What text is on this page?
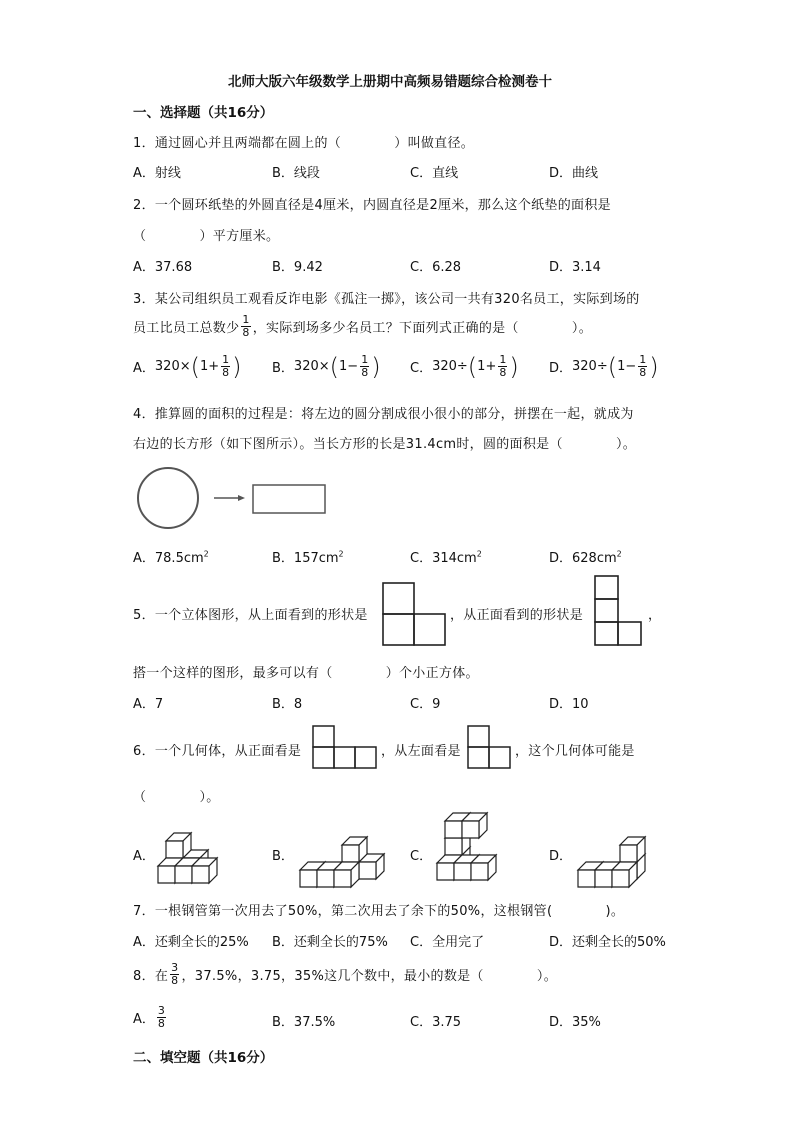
北师大版六年级数学上册期中高频易错题综合检测卷十
一、选择题（共16分）
1．通过圆心并且两端都在圆上的（　　　　）叫做直径。
A．射线	B．线段	C．直线	D．曲线
2．一个圆环纸垫的外圆直径是4厘米，内圆直径是2厘米，那么这个纸垫的面积是
（　　　　）平方厘米。
A．37.68	B．9.42	C．6.28	D．3.14
3．某公司组织员工观看反诈电影《孤注一掷》，该公司一共有320名员工，实际到场的
员工比员工总数少 $\frac{1}{8}$ ，实际到场多少名员工？下面列式正确的是（　　　　）。
A． 320× ( $1+ \frac{1}{8}$ ) B． 320× ( $1- \frac{1}{8}$ ) C． 320÷ ( $1+ \frac{1}{8}$ ) D． 320÷ ( $1- \frac{1}{8}$ )
4．推算圆的面积的过程是：将左边的圆分割成很小很小的部分，拼摆在一起，就成为
右边的长方形（如下图所示）。当长方形的长是31.4cm时，圆的面积是（　　　　）。
A．$78.5cm^2$	B．$157cm^2$	C．$314cm^2$	D．$628cm^2$
5．一个立体图形，从上面看到的形状是	，从正面看到的形状是	，
搭一个这样的图形，最多可以有（　　　　）个小正方体。
A．7	B．8	C．9	D．10
6．一个几何体，从正面看是	，从左面看是	，这个几何体可能是
（　　　　）。
A．	B．	C．	D．
7．一根钢管第一次用去了50%，第二次用去了余下的50%，这根钢管(　　　　)。
A．还剩全长的25% B．还剩全长的75% C．全用完了	D．还剩全长的50%
8．在 $\frac{3}{8}$ ，37.5%，3.75，35%这几个数中，最小的数是（　　　　）。
A． $\frac{3}{8}$	B．37.5%	C．3.75	D．35%
二、填空题（共16分）
